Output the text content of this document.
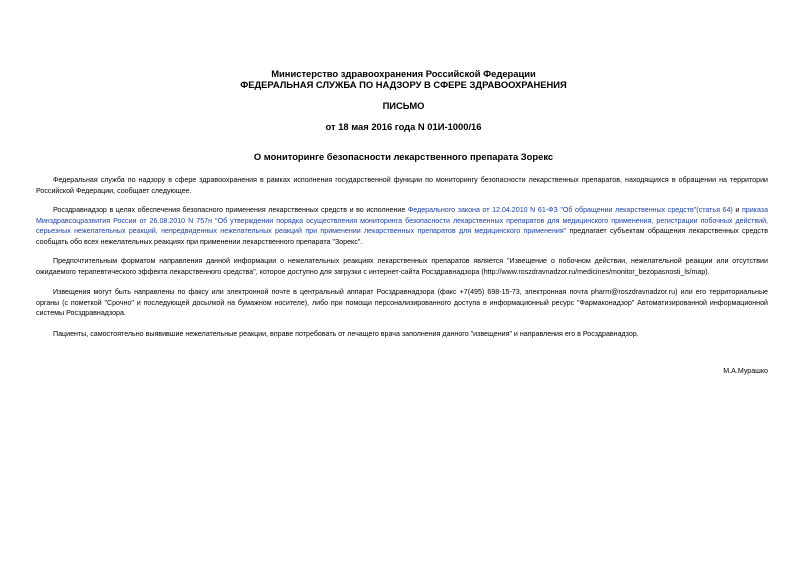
Министерство здравоохранения Российской Федерации
ФЕДЕРАЛЬНАЯ СЛУЖБА ПО НАДЗОРУ В СФЕРЕ ЗДРАВООХРАНЕНИЯ
ПИСЬМО
от 18 мая 2016 года N 01И-1000/16
О мониторинге безопасности лекарственного препарата Зорекс

Федеральная служба по надзору в сфере здравоохранения в рамках исполнения государственной функции по мониторингу безопасности лекарственных препаратов, находящихся в обращении на территории Российской Федерации, сообщает следующее.

Росздравнадзор в целях обеспечения безопасного применения лекарственных средств и во исполнение Федерального закона от 12.04.2010 N 61-ФЗ "Об обращении лекарственных средств"(статья 64) и приказа Минздравсоцразвития России от 26.08.2010 N 757н "Об утверждении порядка осуществления мониторинга безопасности лекарственных препаратов для медицинского применения, регистрации побочных действий, серьезных нежелательных реакций, непредвиденных нежелательных реакций при применении лекарственных препаратов для медицинского применения" предлагает субъектам обращения лекарственных средств сообщать обо всех нежелательных реакциях при применении лекарственного препарата "Зорекс".

Предпочтительным форматом направления данной информации о нежелательных реакциях лекарственных препаратов является "Извещение о побочном действии, нежелательной реакции или отсутствии ожидаемого терапевтического эффекта лекарственного средства", которое доступно для загрузки с интернет-сайта Росздравнадзора (http://www.roszdravnadzor.ru/medicines/monitor_bezopasnosti_ls/map).

Извещения могут быть направлены по факсу или электронной почте в центральный аппарат Росздравнадзора (факс +7(495) 698-15-73, электронная почта pharm@roszdravnadzor.ru) или его территориальные органы (с пометкой "Срочно" и последующей досылкой на бумажном носителе), либо при помощи персонализированного доступа в информационный ресурс "Фармаконадзор" Автоматизированной информационной системы Росздравнадзора.

Пациенты, самостоятельно выявившие нежелательные реакции, вправе потребовать от лечащего врача заполнения данного "извещения" и направления его в Росздравнадзор.

М.А.Мурашко
